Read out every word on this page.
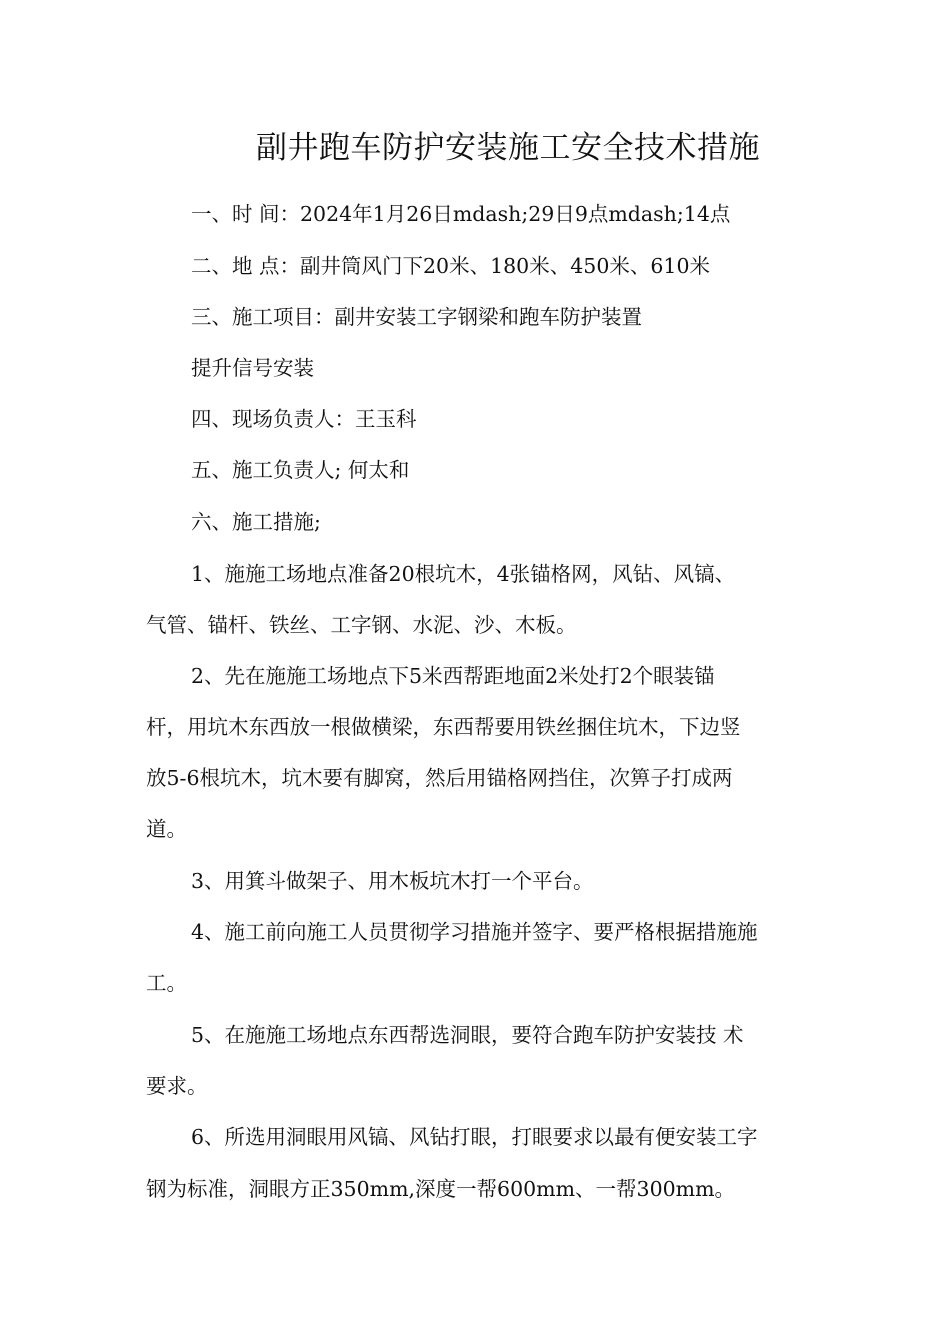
副井跑车防护安装施工安全技术措施
一、时 间：2024年1月26日mdash;29日9点mdash;14点
二、地 点：副井筒风门下20米、180米、450米、610米
三、施工项目：副井安装工字钢梁和跑车防护装置
提升信号安装
四、现场负责人：王玉科
五、施工负责人; 何太和
六、施工措施;
1、施施工场地点准备20根坑木，4张锚格网，风钻、风镐、
气管、锚杆、铁丝、工字钢、水泥、沙、木板。
2、先在施施工场地点下5米西帮距地面2米处打2个眼装锚
杆，用坑木东西放一根做横梁，东西帮要用铁丝捆住坑木，下边竖
放5-6根坑木，坑木要有脚窝，然后用锚格网挡住，次箅子打成两
道。
3、用箕斗做架子、用木板坑木打一个平台。
4、施工前向施工人员贯彻学习措施并签字、要严格根据措施施
工。
5、在施施工场地点东西帮选洞眼，要符合跑车防护安装技 术
要求。
6、所选用洞眼用风镐、风钻打眼，打眼要求以最有便安装工字
钢为标准，洞眼方正350mm,深度一帮600mm、一帮300mm。
